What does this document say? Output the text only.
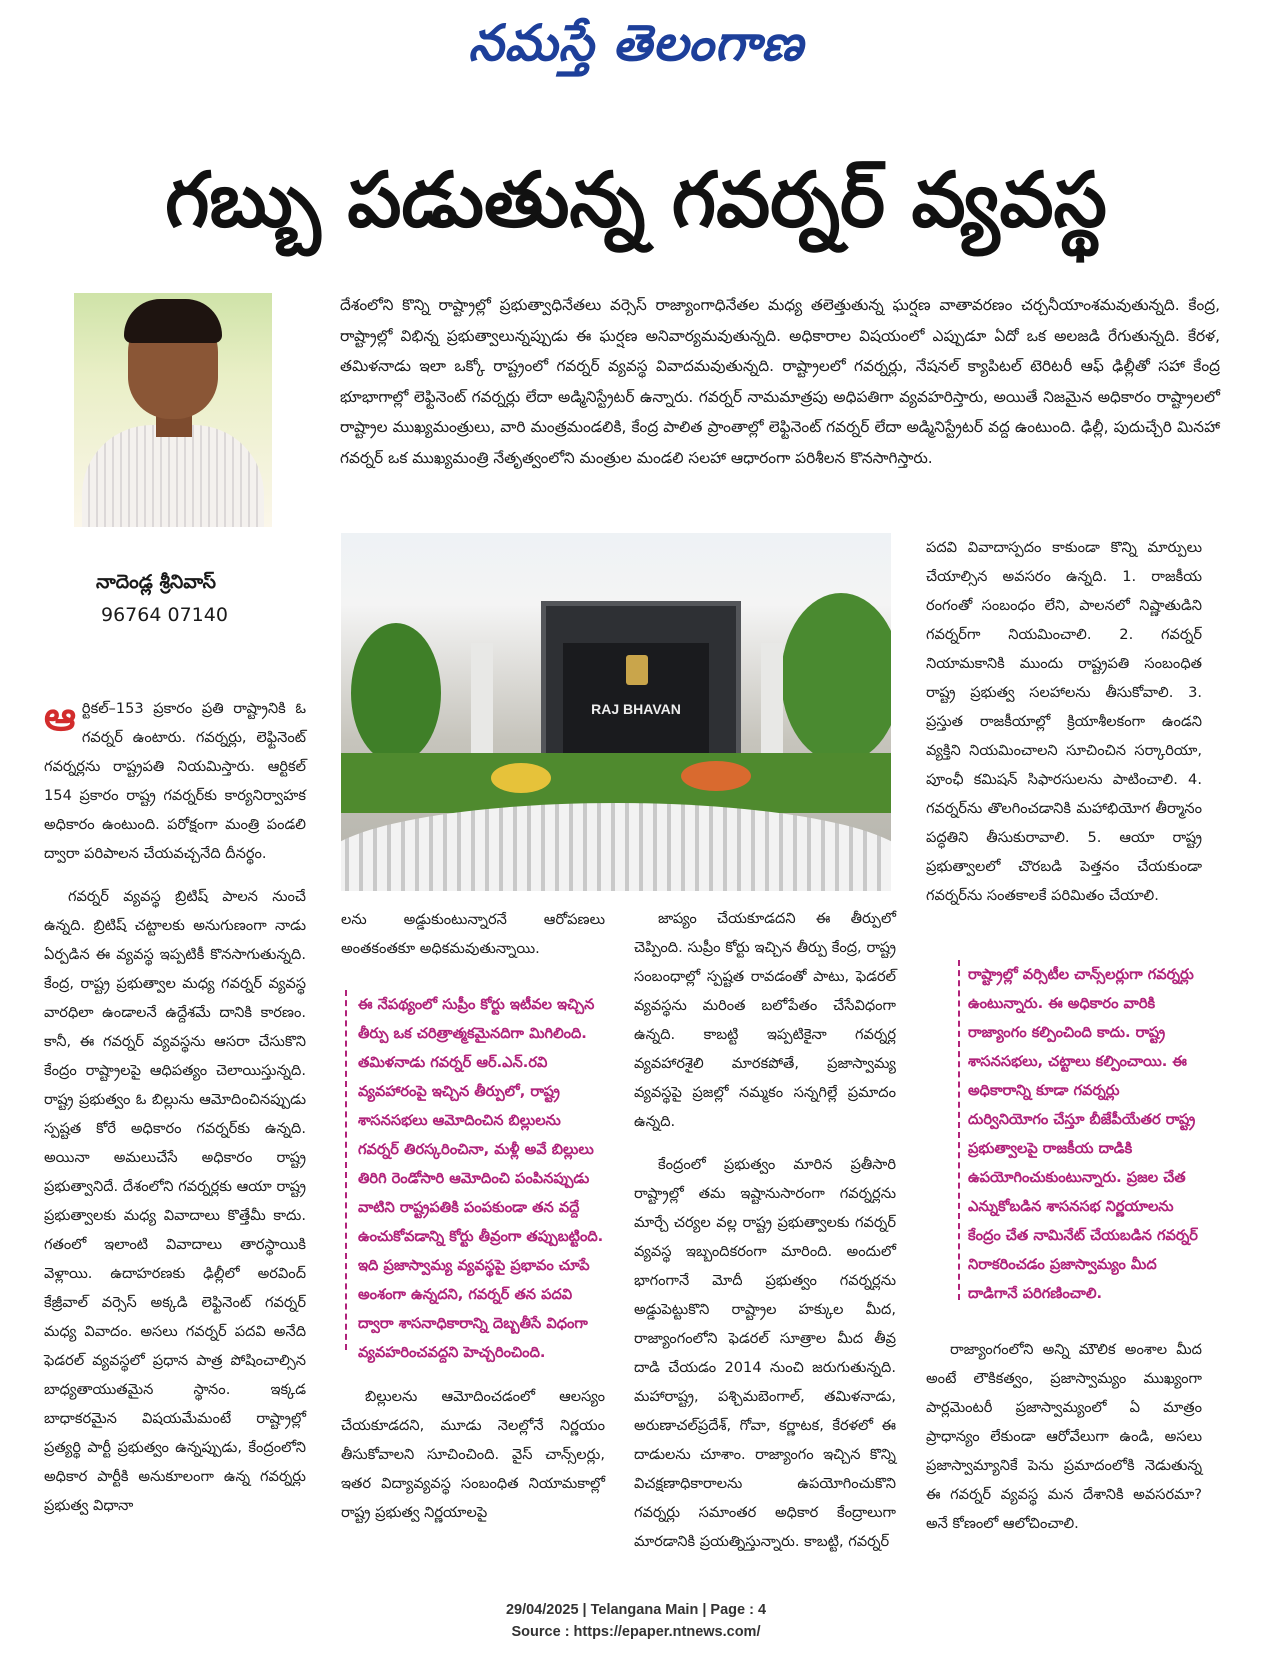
నమస్తే తెలంగాణ
గబ్బు పడుతున్న గవర్నర్ వ్యవస్థ
నాదెండ్ల శ్రీనివాస్
96764 07140
దేశంలోని కొన్ని రాష్ట్రాల్లో ప్రభుత్వాధినేతలు వర్సెస్ రాజ్యాంగాధినేతల మధ్య తలెత్తుతున్న ఘర్షణ వాతావరణం చర్చనీయాంశమవుతున్నది. కేంద్ర, రాష్ట్రాల్లో విభిన్న ప్రభుత్వాలున్నప్పుడు ఈ ఘర్షణ అనివార్యమవుతున్నది. అధికారాల విషయంలో ఎప్పుడూ ఏదో ఒక అలజడి రేగుతున్నది. కేరళ, తమిళనాడు ఇలా ఒక్కో రాష్ట్రంలో గవర్నర్ వ్యవస్థ వివాదమవుతున్నది. రాష్ట్రాలలో గవర్నర్లు, నేషనల్ క్యాపిటల్ టెరిటరీ ఆఫ్ ఢిల్లీతో సహా కేంద్ర భూభాగాల్లో లెఫ్టినెంట్ గవర్నర్లు లేదా అడ్మినిస్ట్రేటర్ ఉన్నారు. గవర్నర్ నామమాత్రపు అధిపతిగా వ్యవహరిస్తారు, అయితే నిజమైన అధికారం రాష్ట్రాలలో రాష్ట్రాల ముఖ్యమంత్రులు, వారి మంత్రమండలికి, కేంద్ర పాలిత ప్రాంతాల్లో లెఫ్టినెంట్ గవర్నర్ లేదా అడ్మినిస్ట్రేటర్ వద్ద ఉంటుంది. ఢిల్లీ, పుదుచ్చేరి మినహా గవర్నర్ ఒక ముఖ్యమంత్రి నేతృత్వంలోని మంత్రుల మండలి సలహా ఆధారంగా పరిశీలన కొనసాగిస్తారు.
RAJ BHAVAN

ఆర్టికల్–153 ప్రకారం ప్రతి రాష్ట్రానికి ఓ గవర్నర్ ఉంటారు. గవర్నర్లు, లెఫ్టినెంట్ గవర్నర్లను రాష్ట్రపతి నియమిస్తారు. ఆర్టికల్ 154 ప్రకారం రాష్ట్ర గవర్నర్‌కు కార్యనిర్వాహక అధికారం ఉంటుంది. పరోక్షంగా మంత్రి పండలి ద్వారా పరిపాలన చేయవచ్చనేది దీనర్థం.

గవర్నర్ వ్యవస్థ బ్రిటిష్ పాలన నుంచే ఉన్నది. బ్రిటిష్ చట్టాలకు అనుగుణంగా నాడు ఏర్పడిన ఈ వ్యవస్థ ఇప్పటికీ కొనసాగుతున్నది. కేంద్ర, రాష్ట్ర ప్రభుత్వాల మధ్య గవర్నర్ వ్యవస్థ వారధిలా ఉండాలనే ఉద్దేశమే దానికి కారణం. కానీ, ఈ గవర్నర్ వ్యవస్థను ఆసరా చేసుకొని కేంద్రం రాష్ట్రాలపై ఆధిపత్యం చెలాయిస్తున్నది. రాష్ట్ర ప్రభుత్వం ఓ బిల్లును ఆమోదించినప్పుడు స్పష్టత కోరే అధికారం గవర్నర్‌కు ఉన్నది. అయినా అమలుచేసే అధికారం రాష్ట్ర ప్రభుత్వానిదే. దేశంలోని గవర్నర్లకు ఆయా రాష్ట్ర ప్రభుత్వాలకు మధ్య వివాదాలు కొత్తేమీ కాదు. గతంలో ఇలాంటి వివాదాలు తారస్థాయికి వెళ్లాయి. ఉదాహరణకు ఢిల్లీలో అరవింద్ కేజ్రీవాల్ వర్సెస్ అక్కడి లెఫ్టినెంట్ గవర్నర్ మధ్య వివాదం. అసలు గవర్నర్ పదవి అనేది ఫెడరల్ వ్యవస్థలో ప్రధాన పాత్ర పోషించాల్సిన బాధ్యతాయుతమైన స్థానం. ఇక్కడ బాధాకరమైన విషయమేమంటే రాష్ట్రాల్లో ప్రత్యర్థి పార్టీ ప్రభుత్వం ఉన్నప్పుడు, కేంద్రంలోని అధికార పార్టీకి అనుకూలంగా ఉన్న గవర్నర్లు ప్రభుత్వ విధానా

లను అడ్డుకుంటున్నారనే ఆరోపణలు అంతకంతకూ అధికమవుతున్నాయి.

ఈ నేపథ్యంలో సుప్రీం కోర్టు ఇటీవల ఇచ్చిన తీర్పు ఒక చరిత్రాత్మకమైనదిగా మిగిలింది. తమిళనాడు గవర్నర్ ఆర్.ఎన్.రవి వ్యవహారంపై ఇచ్చిన తీర్పులో, రాష్ట్ర శాసనసభలు ఆమోదించిన బిల్లులను గవర్నర్ తిరస్కరించినా, మళ్లీ అవే బిల్లులు తిరిగి రెండోసారి ఆమోదించి పంపినప్పుడు వాటిని రాష్ట్రపతికి పంపకుండా తన వద్దే ఉంచుకోవడాన్ని కోర్టు తీవ్రంగా తప్పుబట్టింది. ఇది ప్రజాస్వామ్య వ్యవస్థపై ప్రభావం చూపే అంశంగా ఉన్నదని, గవర్నర్ తన పదవి ద్వారా శాసనాధికారాన్ని దెబ్బతీసే విధంగా వ్యవహరించవద్దని హెచ్చరించింది.

బిల్లులను ఆమోదించడంలో ఆలస్యం చేయకూడదని, మూడు నెలల్లోనే నిర్ణయం తీసుకోవాలని సూచించింది. వైస్ చాన్స్‌లర్లు, ఇతర విద్యావ్యవస్థ సంబంధిత నియామకాల్లో రాష్ట్ర ప్రభుత్వ నిర్ణయాలపై

జాప్యం చేయకూడదని ఈ తీర్పులో చెప్పింది. సుప్రీం కోర్టు ఇచ్చిన తీర్పు కేంద్ర, రాష్ట్ర సంబంధాల్లో స్పష్టత రావడంతో పాటు, ఫెడరల్ వ్యవస్థను మరింత బలోపేతం చేసేవిధంగా ఉన్నది. కాబట్టి ఇప్పటికైనా గవర్నర్ల వ్యవహారశైలి మారకపోతే, ప్రజాస్వామ్య వ్యవస్థపై ప్రజల్లో నమ్మకం సన్నగిల్లే ప్రమాదం ఉన్నది.

కేంద్రంలో ప్రభుత్వం మారిన ప్రతీసారి రాష్ట్రాల్లో తమ ఇష్టానుసారంగా గవర్నర్లను మార్చే చర్యల వల్ల రాష్ట్ర ప్రభుత్వాలకు గవర్నర్ వ్యవస్థ ఇబ్బందికరంగా మారింది. అందులో భాగంగానే మోదీ ప్రభుత్వం గవర్నర్లను అడ్డుపెట్టుకొని రాష్ట్రాల హక్కుల మీద, రాజ్యాంగంలోని ఫెడరల్ సూత్రాల మీద తీవ్ర దాడి చేయడం 2014 నుంచి జరుగుతున్నది. మహారాష్ట్ర, పశ్చిమబెంగాల్, తమిళనాడు, అరుణాచల్‌ప్రదేశ్, గోవా, కర్ణాటక, కేరళలో ఈ దాడులను చూశాం. రాజ్యాంగం ఇచ్చిన కొన్ని విచక్షణాధికారాలను ఉపయోగించుకొని గవర్నర్లు సమాంతర అధికార కేంద్రాలుగా మారడానికి ప్రయత్నిస్తున్నారు. కాబట్టి, గవర్నర్

పదవి వివాదాస్పదం కాకుండా కొన్ని మార్పులు చేయాల్సిన అవసరం ఉన్నది. 1. రాజకీయ రంగంతో సంబంధం లేని, పాలనలో నిష్ణాతుడిని గవర్నర్‌గా నియమించాలి. 2. గవర్నర్ నియామకానికి ముందు రాష్ట్రపతి సంబంధిత రాష్ట్ర ప్రభుత్వ సలహాలను తీసుకోవాలి. 3. ప్రస్తుత రాజకీయాల్లో క్రియాశీలకంగా ఉండని వ్యక్తిని నియమించాలని సూచించిన సర్కారియా, పూంఛీ కమిషన్ సిఫారసులను పాటించాలి. 4. గవర్నర్‌ను తొలగించడానికి మహాభియోగ తీర్మానం పద్ధతిని తీసుకురావాలి. 5. ఆయా రాష్ట్ర ప్రభుత్వాలలో చొరబడి పెత్తనం చేయకుండా గవర్నర్‌ను సంతకాలకే పరిమితం చేయాలి.

రాష్ట్రాల్లో వర్సిటీల చాన్స్‌లర్లుగా గవర్నర్లు ఉంటున్నారు. ఈ అధికారం వారికి రాజ్యాంగం కల్పించింది కాదు. రాష్ట్ర శాసనసభలు, చట్టాలు కల్పించాయి. ఈ అధికారాన్ని కూడా గవర్నర్లు దుర్వినియోగం చేస్తూ బీజేపీయేతర రాష్ట్ర ప్రభుత్వాలపై రాజకీయ దాడికి ఉపయోగించుకుంటున్నారు. ప్రజల చేత ఎన్నుకోబడిన శాసనసభ నిర్ణయాలను కేంద్రం చేత నామినేట్ చేయబడిన గవర్నర్ నిరాకరించడం ప్రజాస్వామ్యం మీద దాడిగానే పరిగణించాలి.

రాజ్యాంగంలోని అన్ని మౌలిక అంశాల మీద అంటే లౌకికత్వం, ప్రజాస్వామ్యం ముఖ్యంగా పార్లమెంటరీ ప్రజాస్వామ్యంలో ఏ మాత్రం ప్రాధాన్యం లేకుండా ఆరోవేలుగా ఉండి, అసలు ప్రజాస్వామ్యానికే పెను ప్రమాదంలోకి నెడుతున్న ఈ గవర్నర్ వ్యవస్థ మన దేశానికి అవసరమా? అనే కోణంలో ఆలోచించాలి.

29/04/2025 | Telangana Main | Page : 4
Source : https://epaper.ntnews.com/
